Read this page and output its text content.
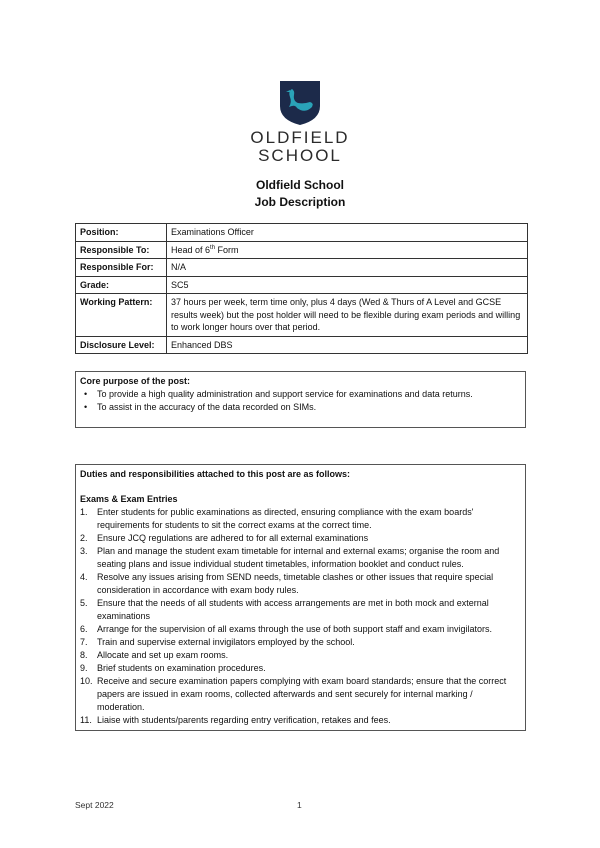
OLDFIELD
SCHOOL
Oldfield School
Job Description
Position:	Examinations Officer
Responsible To:	Head of 6th Form
Responsible For:	N/A
Grade:	SC5
Working Pattern:	37 hours per week, term time only, plus 4 days (Wed & Thurs of A Level and GCSE results week) but the post holder will need to be flexible during exam periods and willing to work longer hours over that period.
Disclosure Level:	Enhanced DBS
Core purpose of the post:
• To provide a high quality administration and support service for examinations and data returns.
• To assist in the accuracy of the data recorded on SIMs.
Duties and responsibilities attached to this post are as follows:
Exams & Exam Entries
1. Enter students for public examinations as directed, ensuring compliance with the exam boards' requirements for students to sit the correct exams at the correct time.
2. Ensure JCQ regulations are adhered to for all external examinations
3. Plan and manage the student exam timetable for internal and external exams; organise the room and seating plans and issue individual student timetables, information booklet and conduct rules.
4. Resolve any issues arising from SEND needs, timetable clashes or other issues that require special consideration in accordance with exam body rules.
5. Ensure that the needs of all students with access arrangements are met in both mock and external examinations
6. Arrange for the supervision of all exams through the use of both support staff and exam invigilators.
7. Train and supervise external invigilators employed by the school.
8. Allocate and set up exam rooms.
9. Brief students on examination procedures.
10. Receive and secure examination papers complying with exam board standards; ensure that the correct papers are issued in exam rooms, collected afterwards and sent securely for internal marking / moderation.
11. Liaise with students/parents regarding entry verification, retakes and fees.
Sept 2022	1
